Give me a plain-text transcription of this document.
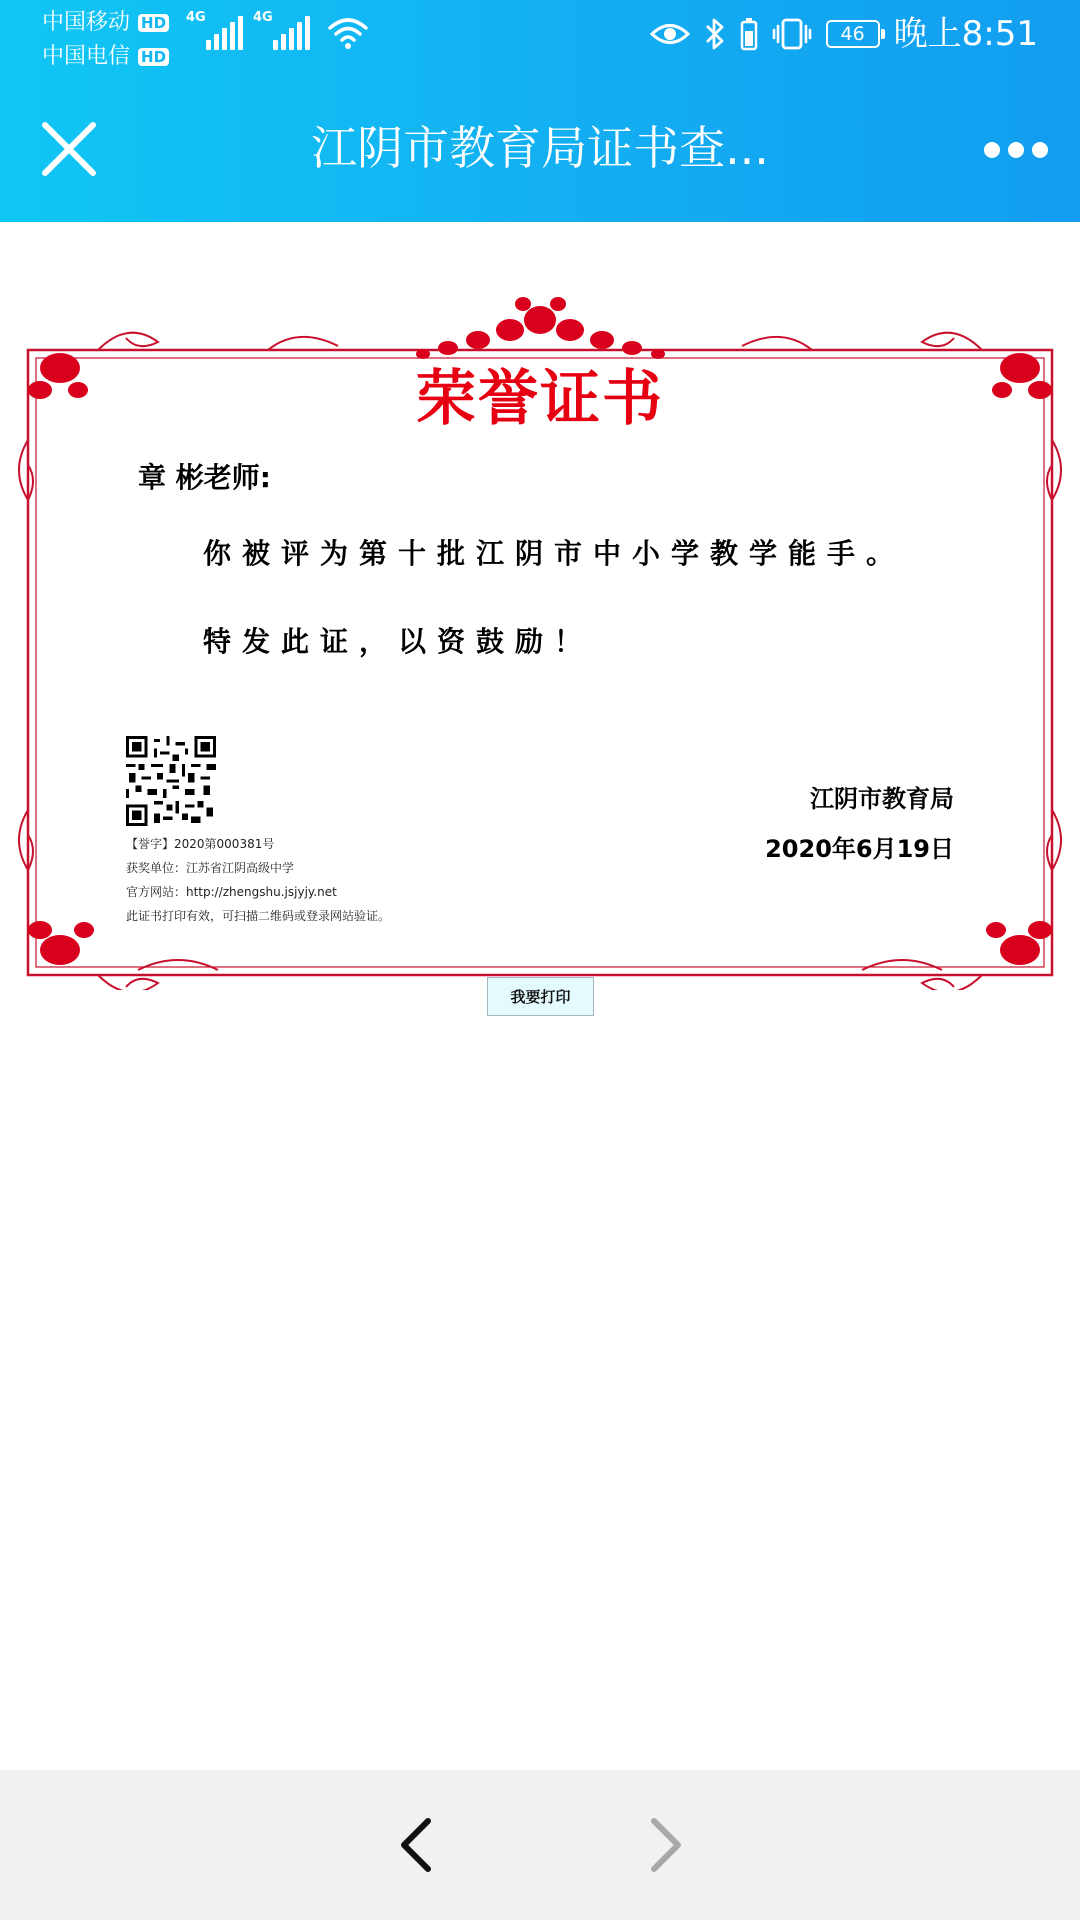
中国移动 HD
中国电信 HD
4G	4G
46 晚上8:51
江阴市教育局证书查...
荣誉证书
章 彬老师:
你被评为第十批江阴市中小学教学能手。
特发此证，以资鼓励！
【誉字】2020第000381号
获奖单位：江苏省江阴高级中学
官方网站：http://zhengshu.jsjyjy.net
此证书打印有效，可扫描二维码或登录网站验证。
江阴市教育局
2020年6月19日
我要打印
